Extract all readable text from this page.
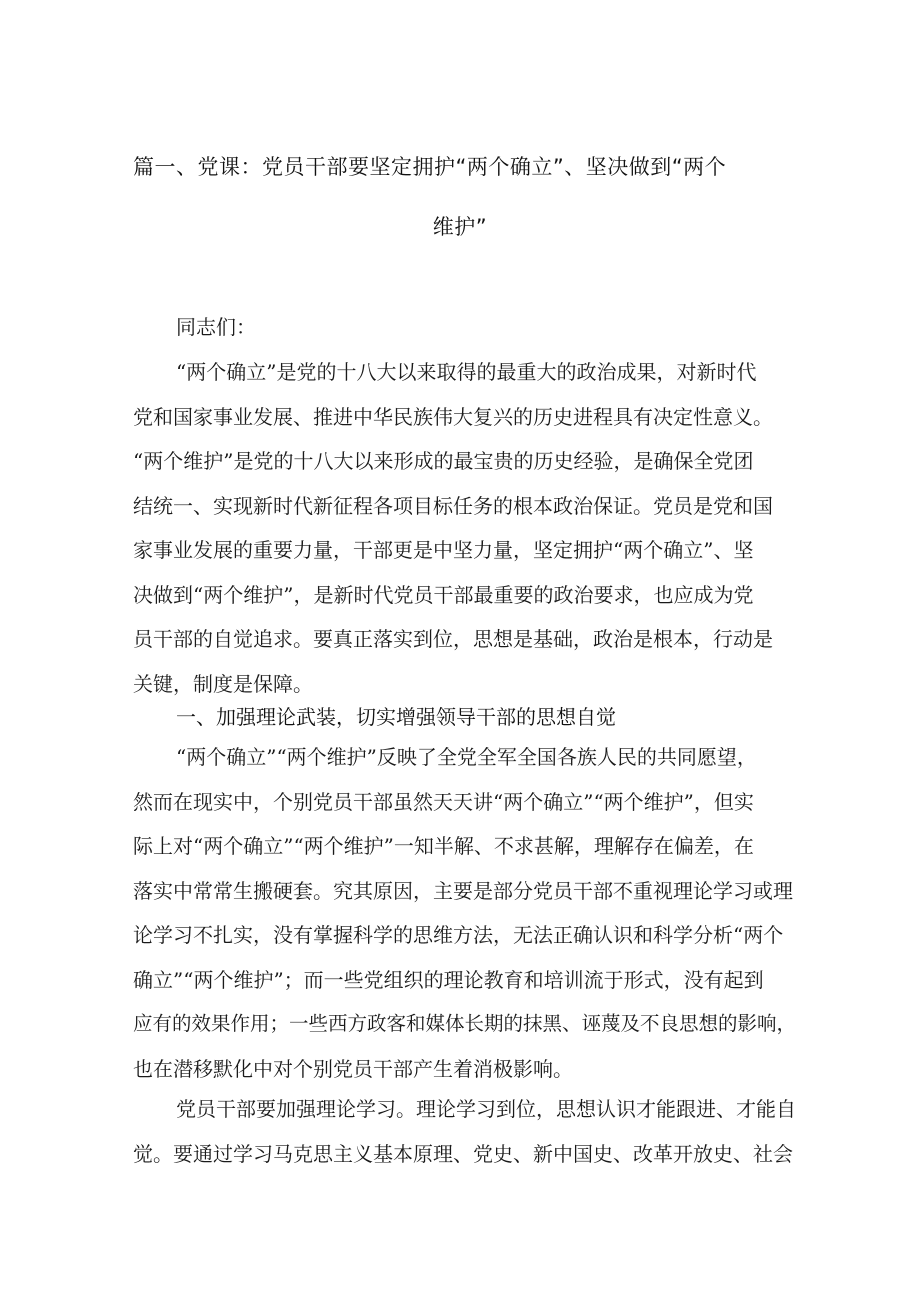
篇一、党课：党员干部要坚定拥护“两个确立”、坚决做到“两个
维护”
同志们：
“两个确立”是党的十八大以来取得的最重大的政治成果，对新时代
党和国家事业发展、推进中华民族伟大复兴的历史进程具有决定性意义。
“两个维护”是党的十八大以来形成的最宝贵的历史经验，是确保全党团
结统一、实现新时代新征程各项目标任务的根本政治保证。党员是党和国
家事业发展的重要力量，干部更是中坚力量，坚定拥护“两个确立”、坚
决做到“两个维护”，是新时代党员干部最重要的政治要求，也应成为党
员干部的自觉追求。要真正落实到位，思想是基础，政治是根本，行动是
关键，制度是保障。
一、加强理论武装，切实增强领导干部的思想自觉
“两个确立”“两个维护”反映了全党全军全国各族人民的共同愿望，
然而在现实中，个别党员干部虽然天天讲“两个确立”“两个维护”，但实
际上对“两个确立”“两个维护”一知半解、不求甚解，理解存在偏差，在
落实中常常生搬硬套。究其原因，主要是部分党员干部不重视理论学习或理
论学习不扎实，没有掌握科学的思维方法，无法正确认识和科学分析“两个
确立”“两个维护”；而一些党组织的理论教育和培训流于形式，没有起到
应有的效果作用；一些西方政客和媒体长期的抹黑、诬蔑及不良思想的影响，
也在潜移默化中对个别党员干部产生着消极影响。
党员干部要加强理论学习。理论学习到位，思想认识才能跟进、才能自
觉。要通过学习马克思主义基本原理、党史、新中国史、改革开放史、社会
